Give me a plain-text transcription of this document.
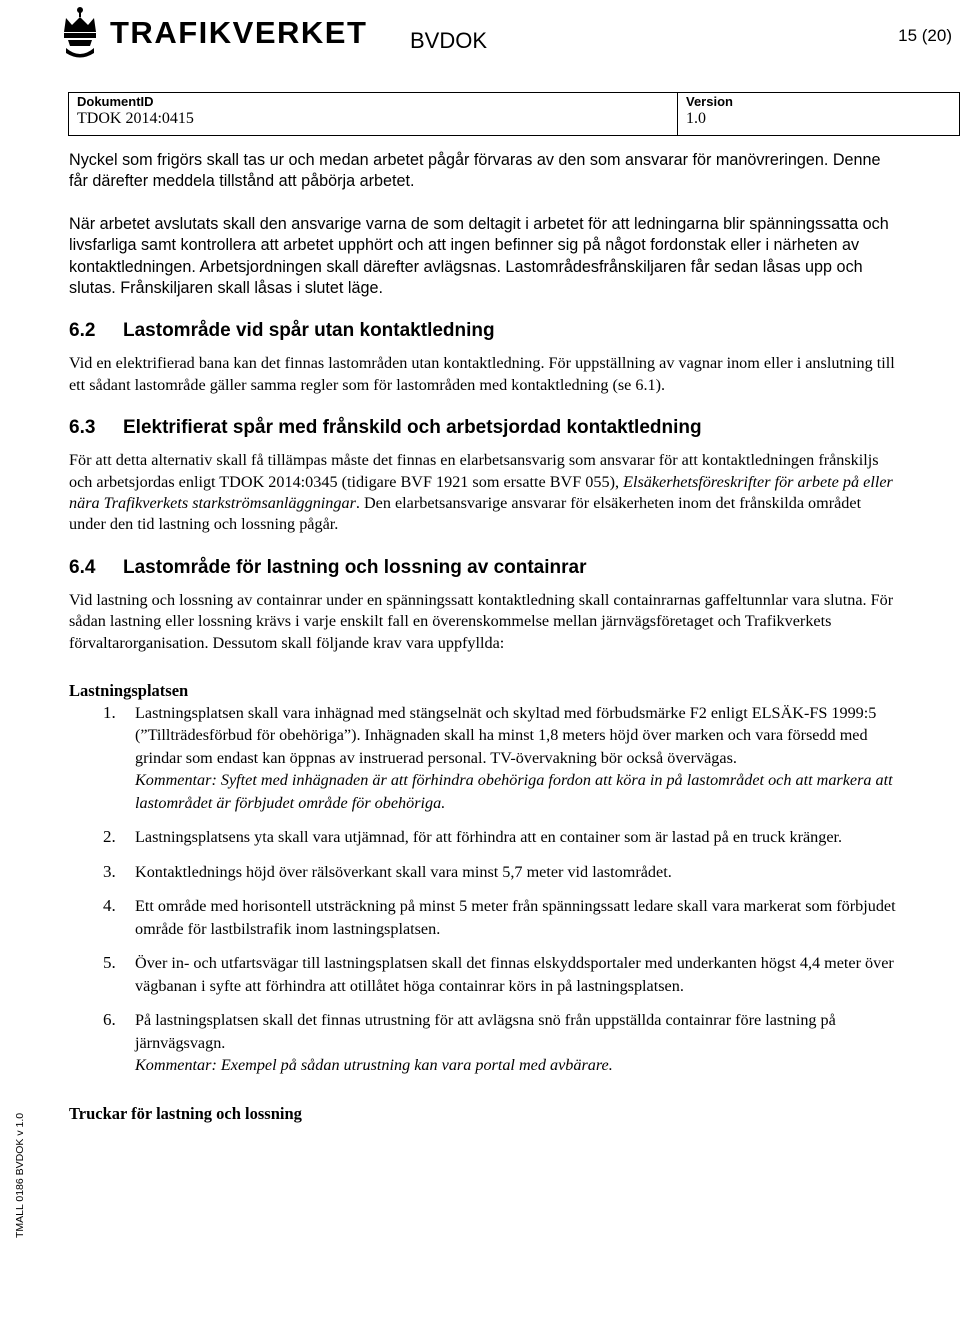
TRAFIKVERKET BVDOK	15 (20)
DokumentID
TDOK 2014:0415
Version
1.0

Nyckel som frigörs skall tas ur och medan arbetet pågår förvaras av den som ansvarar för manövreringen. Denne får därefter meddela tillstånd att påbörja arbetet.

När arbetet avslutats skall den ansvarige varna de som deltagit i arbetet för att ledningarna blir spänningssatta och livsfarliga samt kontrollera att arbetet upphört och att ingen befinner sig på något fordonstak eller i närheten av kontaktledningen. Arbetsjordningen skall därefter avlägsnas. Lastområdesfrånskiljaren får sedan låsas upp och slutas. Frånskiljaren skall låsas i slutet läge.

6.2	Lastområde vid spår utan kontaktledning

Vid en elektrifierad bana kan det finnas lastområden utan kontaktledning. För uppställning av vagnar inom eller i anslutning till ett sådant lastområde gäller samma regler som för lastområden med kontaktledning (se 6.1).

6.3	Elektrifierat spår med frånskild och arbetsjordad kontaktledning

För att detta alternativ skall få tillämpas måste det finnas en elarbetsansvarig som ansvarar för att kontaktledningen frånskiljs och arbetsjordas enligt TDOK 2014:0345 (tidigare BVF 1921 som ersatte BVF 055), Elsäkerhetsföreskrifter för arbete på eller nära Trafikverkets starkströmsanläggningar. Den elarbetsansvarige ansvarar för elsäkerheten inom det frånskilda området under den tid lastning och lossning pågår.

6.4	Lastområde för lastning och lossning av containrar

Vid lastning och lossning av containrar under en spänningssatt kontaktledning skall containrarnas gaffeltunnlar vara slutna. För sådan lastning eller lossning krävs i varje enskilt fall en överenskommelse mellan järnvägsföretaget och Trafikverkets förvaltarorganisation. Dessutom skall följande krav vara uppfyllda:

Lastningsplatsen

1.	Lastningsplatsen skall vara inhägnad med stängselnät och skyltad med förbudsmärke F2 enligt ELSÄK-FS 1999:5 (”Tillträdesförbud för obehöriga”). Inhägnaden skall ha minst 1,8 meters höjd över marken och vara försedd med grindar som endast kan öppnas av instruerad personal. TV-övervakning bör också övervägas.

Kommentar: Syftet med inhägnaden är att förhindra obehöriga fordon att köra in på lastområdet och att markera att lastområdet är förbjudet område för obehöriga.

2.	Lastningsplatsens yta skall vara utjämnad, för att förhindra att en container som är lastad på en truck kränger.
3.	Kontaktlednings höjd över rälsöverkant skall vara minst 5,7 meter vid lastområdet.
4.	Ett område med horisontell utsträckning på minst 5 meter från spänningssatt ledare skall vara markerat som förbjudet område för lastbilstrafik inom lastningsplatsen.
5.	Över in- och utfartsvägar till lastningsplatsen skall det finnas elskyddsportaler med underkanten högst 4,4 meter över vägbanan i syfte att förhindra att otillåtet höga containrar körs in på lastningsplatsen.
6.	På lastningsplatsen skall det finnas utrustning för att avlägsna snö från uppställda containrar före lastning på järnvägsvagn.

Kommentar: Exempel på sådan utrustning kan vara portal med avbärare.

Truckar för lastning och lossning

TMALL 0186 BVDOK v 1.0
